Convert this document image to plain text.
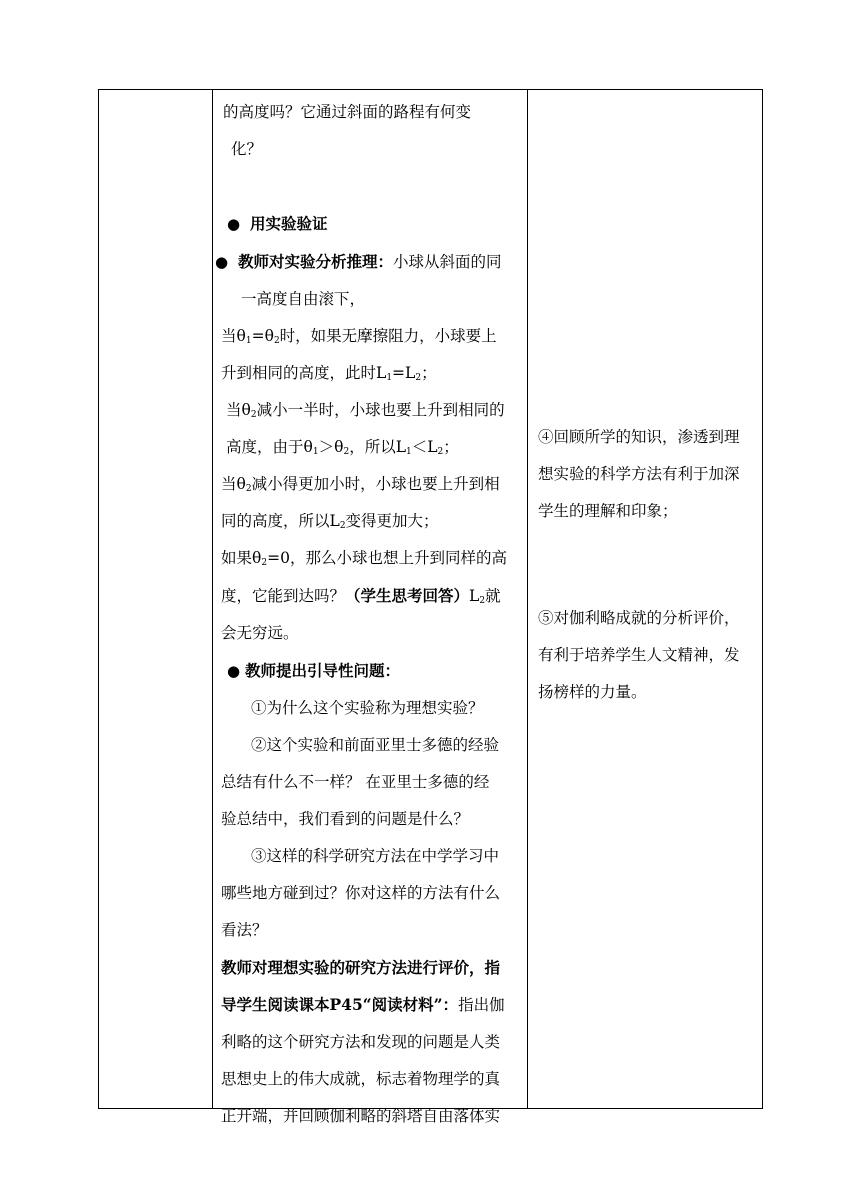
的高度吗？它通过斜面的路程有何变
化？

● 用实验验证
● 教师对实验分析推理：小球从斜面的同
一高度自由滚下，
当$\theta_1=\theta_2$时，如果无摩擦阻力，小球要上
升到相同的高度，此时$L_1=L_2$；
当$\theta_2$减小一半时，小球也要上升到相同的
高度，由于$\theta_1>\theta_2$，所以$L_1<L_2$；
当$\theta_2$减小得更加小时，小球也要上升到相
同的高度，所以$L_2$变得更加大；
如果$\theta_2=0$，那么小球也想上升到同样的高
度，它能到达吗？（学生思考回答）$L_2$就
会无穷远。
● 教师提出引导性问题：
①为什么这个实验称为理想实验？
②这个实验和前面亚里士多德的经验
总结有什么不一样？ 在亚里士多德的经
验总结中，我们看到的问题是什么？
③这样的科学研究方法在中学学习中
哪些地方碰到过？你对这样的方法有什么
看法？
教师对理想实验的研究方法进行评价，指
导学生阅读课本P45“阅读材料”：指出伽
利略的这个研究方法和发现的问题是人类
思想史上的伟大成就，标志着物理学的真
正开端，并回顾伽利略的斜塔自由落体实
④回顾所学的知识，渗透到理
想实验的科学方法有利于加深
学生的理解和印象；
⑤对伽利略成就的分析评价，
有利于培养学生人文精神，发
扬榜样的力量。
